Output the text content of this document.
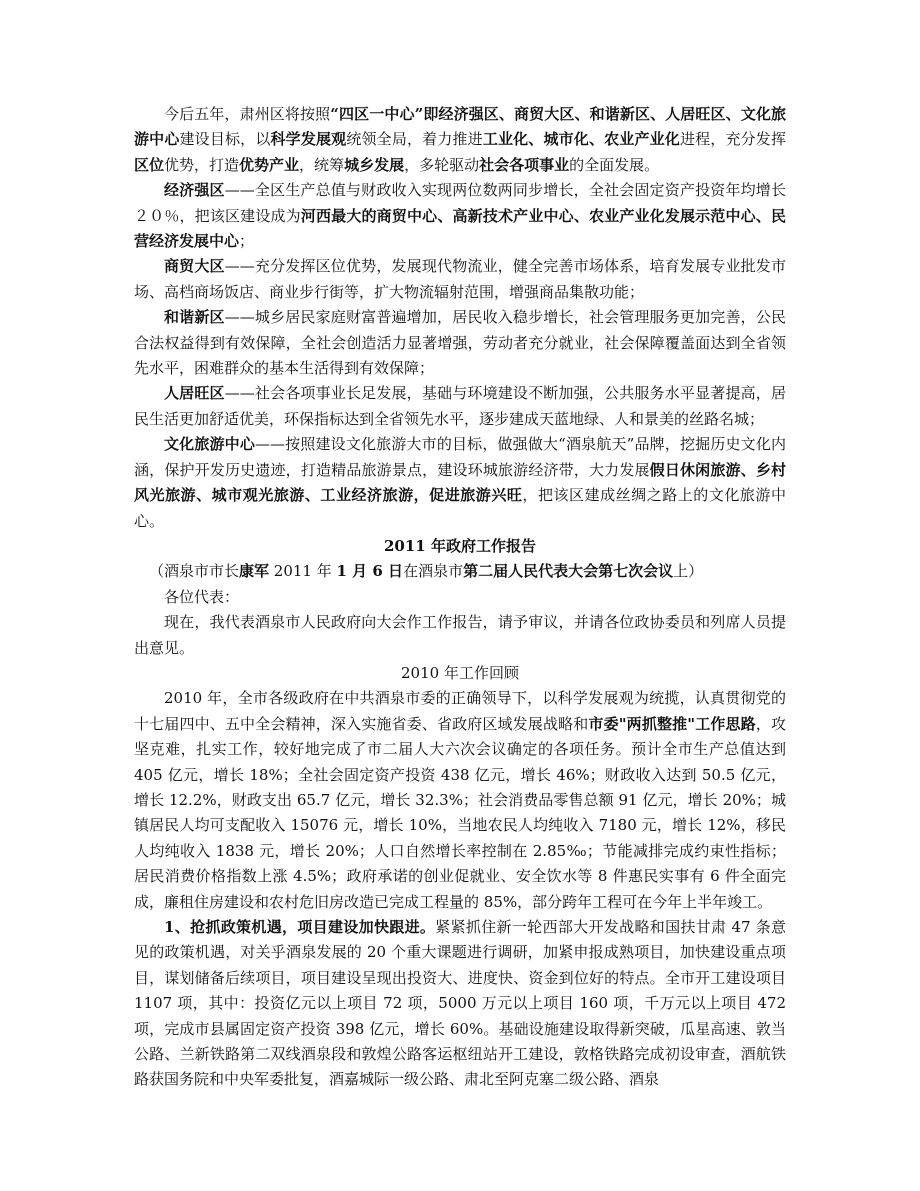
今后五年，肃州区将按照“四区一中心”即经济强区、商贸大区、和谐新区、人居旺区、文化旅游中心建设目标，以科学发展观统领全局，着力推进工业化、城市化、农业产业化进程，充分发挥区位优势，打造优势产业，统筹城乡发展，多轮驱动社会各项事业的全面发展。

经济强区——全区生产总值与财政收入实现两位数两同步增长，全社会固定资产投资年均增长２０％，把该区建设成为河西最大的商贸中心、高新技术产业中心、农业产业化发展示范中心、民营经济发展中心；

商贸大区——充分发挥区位优势，发展现代物流业，健全完善市场体系，培育发展专业批发市场、高档商场饭店、商业步行街等，扩大物流辐射范围，增强商品集散功能；

和谐新区——城乡居民家庭财富普遍增加，居民收入稳步增长，社会管理服务更加完善，公民合法权益得到有效保障，全社会创造活力显著增强，劳动者充分就业，社会保障覆盖面达到全省领先水平，困难群众的基本生活得到有效保障；

人居旺区——社会各项事业长足发展，基础与环境建设不断加强，公共服务水平显著提高，居民生活更加舒适优美，环保指标达到全省领先水平，逐步建成天蓝地绿、人和景美的丝路名城；

文化旅游中心——按照建设文化旅游大市的目标，做强做大“酒泉航天”品牌，挖掘历史文化内涵，保护开发历史遗迹，打造精品旅游景点，建设环城旅游经济带，大力发展假日休闲旅游、乡村风光旅游、城市观光旅游、工业经济旅游，促进旅游兴旺，把该区建成丝绸之路上的文化旅游中心。

2011 年政府工作报告

（酒泉市市长康军 2011 年 1 月 6 日在酒泉市第二届人民代表大会第七次会议上）

各位代表：

现在，我代表酒泉市人民政府向大会作工作报告，请予审议，并请各位政协委员和列席人员提出意见。

2010 年工作回顾

2010 年，全市各级政府在中共酒泉市委的正确领导下，以科学发展观为统揽，认真贯彻党的十七届四中、五中全会精神，深入实施省委、省政府区域发展战略和市委"两抓整推"工作思路，攻坚克难，扎实工作，较好地完成了市二届人大六次会议确定的各项任务。预计全市生产总值达到 405 亿元，增长 18%；全社会固定资产投资 438 亿元，增长 46%；财政收入达到 50.5 亿元，增长 12.2%，财政支出 65.7 亿元，增长 32.3%；社会消费品零售总额 91 亿元，增长 20%；城镇居民人均可支配收入 15076 元，增长 10%，当地农民人均纯收入 7180 元，增长 12%，移民人均纯收入 1838 元，增长 20%；人口自然增长率控制在 2.85‰；节能减排完成约束性指标；居民消费价格指数上涨 4.5%；政府承诺的创业促就业、安全饮水等 8 件惠民实事有 6 件全面完成，廉租住房建设和农村危旧房改造已完成工程量的 85%，部分跨年工程可在今年上半年竣工。

1、抢抓政策机遇，项目建设加快跟进。紧紧抓住新一轮西部大开发战略和国扶甘肃 47 条意见的政策机遇，对关乎酒泉发展的 20 个重大课题进行调研，加紧申报成熟项目，加快建设重点项目，谋划储备后续项目，项目建设呈现出投资大、进度快、资金到位好的特点。全市开工建设项目 1107 项，其中：投资亿元以上项目 72 项，5000 万元以上项目 160 项，千万元以上项目 472 项，完成市县属固定资产投资 398 亿元，增长 60%。基础设施建设取得新突破，瓜星高速、敦当公路、兰新铁路第二双线酒泉段和敦煌公路客运枢纽站开工建设，敦格铁路完成初设审查，酒航铁路获国务院和中央军委批复，酒嘉城际一级公路、肃北至阿克塞二级公路、酒泉
